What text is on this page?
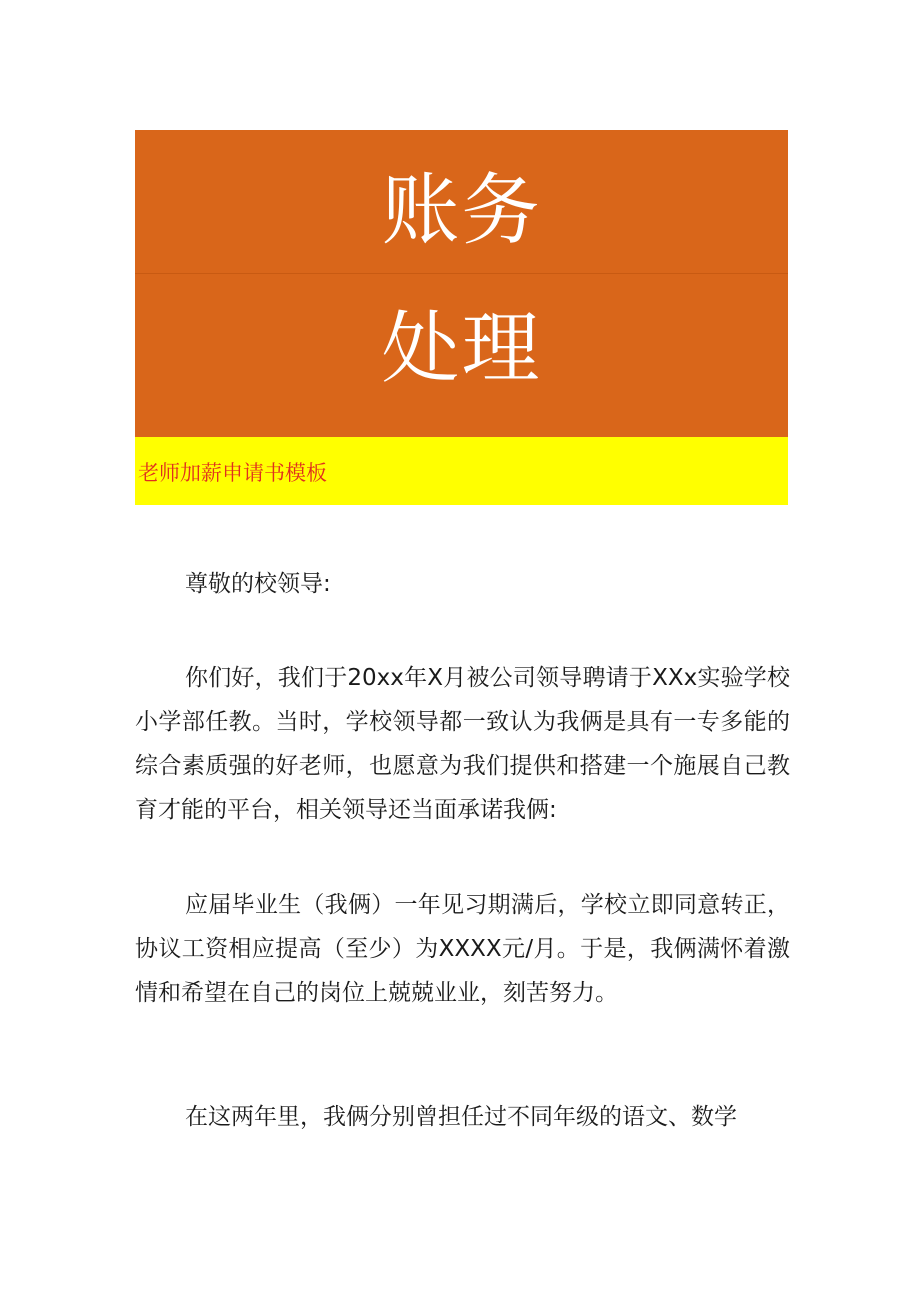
账务
处理
老师加薪申请书模板

尊敬的校领导:

你们好，我们于20xx年X月被公司领导聘请于XXx实验学校小学部任教。当时，学校领导都一致认为我俩是具有一专多能的综合素质强的好老师，也愿意为我们提供和搭建一个施展自己教育才能的平台，相关领导还当面承诺我俩:

应届毕业生（我俩）一年见习期满后，学校立即同意转正，协议工资相应提高（至少）为XXXX元/月。于是，我俩满怀着激情和希望在自己的岗位上兢兢业业，刻苦努力。

在这两年里，我俩分别曾担任过不同年级的语文、数学
